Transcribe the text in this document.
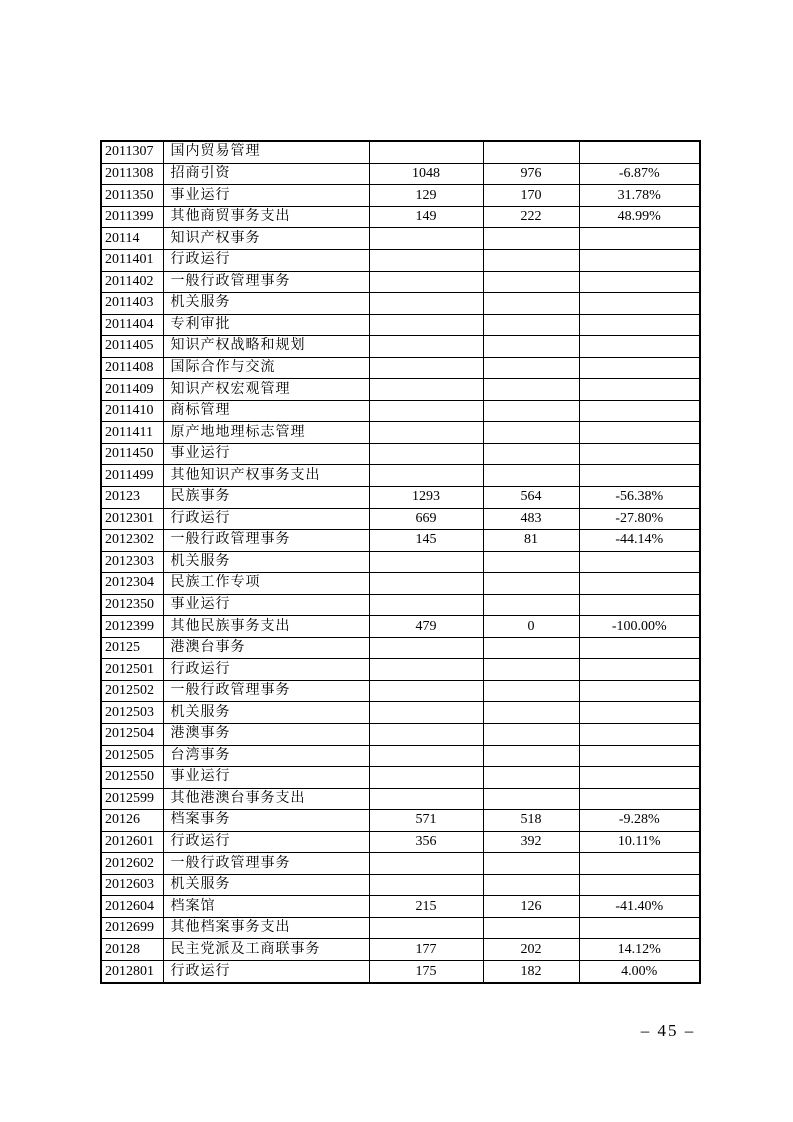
2011307	国内贸易管理			
2011308	招商引资	1048	976	-6.87%
2011350	事业运行	129	170	31.78%
2011399	其他商贸事务支出	149	222	48.99%
20114	知识产权事务			
2011401	行政运行			
2011402	一般行政管理事务			
2011403	机关服务			
2011404	专利审批			
2011405	知识产权战略和规划			
2011408	国际合作与交流			
2011409	知识产权宏观管理			
2011410	商标管理			
2011411	原产地地理标志管理			
2011450	事业运行			
2011499	其他知识产权事务支出			
20123	民族事务	1293	564	-56.38%
2012301	行政运行	669	483	-27.80%
2012302	一般行政管理事务	145	81	-44.14%
2012303	机关服务			
2012304	民族工作专项			
2012350	事业运行			
2012399	其他民族事务支出	479	0	-100.00%
20125	港澳台事务			
2012501	行政运行			
2012502	一般行政管理事务			
2012503	机关服务			
2012504	港澳事务			
2012505	台湾事务			
2012550	事业运行			
2012599	其他港澳台事务支出			
20126	档案事务	571	518	-9.28%
2012601	行政运行	356	392	10.11%
2012602	一般行政管理事务			
2012603	机关服务			
2012604	档案馆	215	126	-41.40%
2012699	其他档案事务支出			
20128	民主党派及工商联事务	177	202	14.12%
2012801	行政运行	175	182	4.00%
– 45 –
